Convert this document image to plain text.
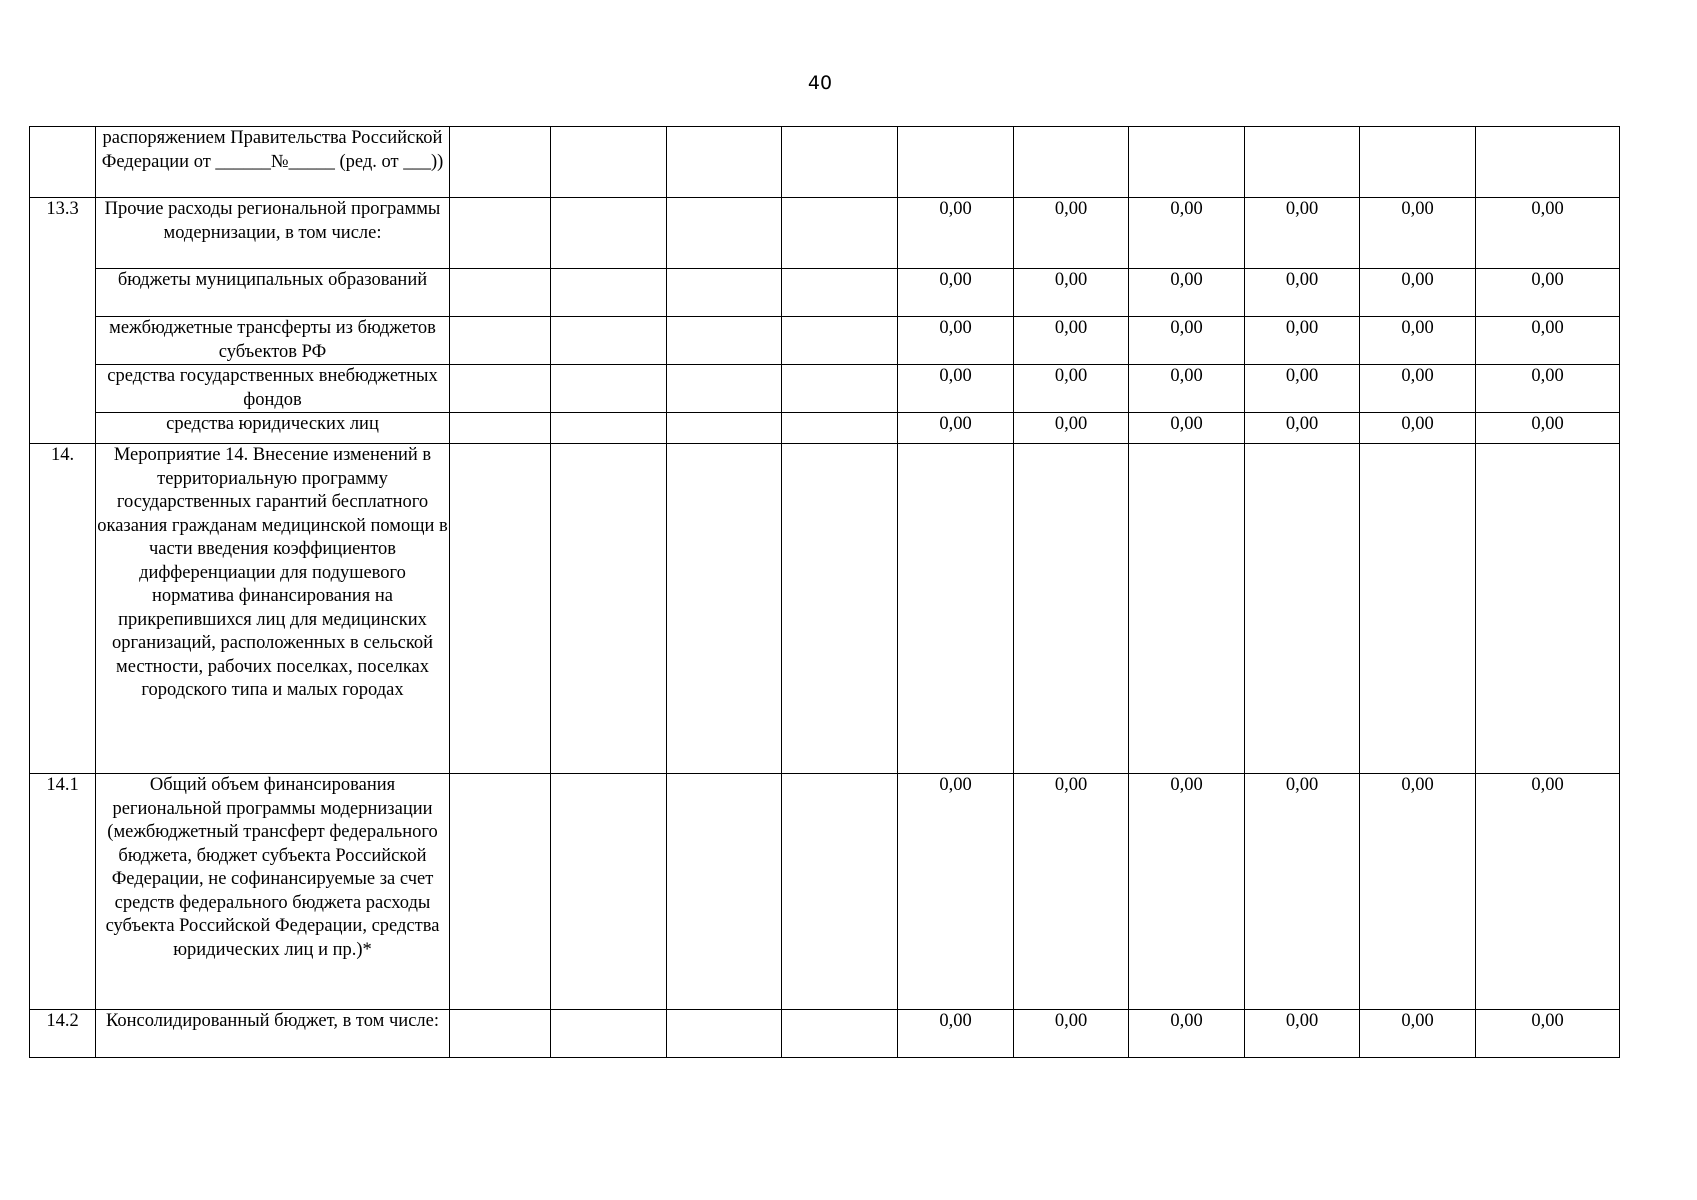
40
	распоряжением Правительства Российской Федерации от ______№_____ (ред. от ___))										
13.3	Прочие расходы региональной программы модернизации, в том числе:					0,00	0,00	0,00	0,00	0,00	0,00
	бюджеты муниципальных образований					0,00	0,00	0,00	0,00	0,00	0,00
	межбюджетные трансферты из бюджетов субъектов РФ					0,00	0,00	0,00	0,00	0,00	0,00
	средства государственных внебюджетных фондов					0,00	0,00	0,00	0,00	0,00	0,00
	средства юридических лиц					0,00	0,00	0,00	0,00	0,00	0,00
14.	Мероприятие 14. Внесение изменений в территориальную программу государственных гарантий бесплатного оказания гражданам медицинской помощи в части введения коэффициентов дифференциации для подушевого норматива финансирования на прикрепившихся лиц для медицинских организаций, расположенных в сельской местности, рабочих поселках, поселках городского типа и малых городах										
14.1	Общий объем финансирования региональной программы модернизации (межбюджетный трансферт федерального бюджета, бюджет субъекта Российской Федерации, не софинансируемые за счет средств федерального бюджета расходы субъекта Российской Федерации, средства юридических лиц и пр.)*					0,00	0,00	0,00	0,00	0,00	0,00
14.2	Консолидированный бюджет, в том числе:					0,00	0,00	0,00	0,00	0,00	0,00
